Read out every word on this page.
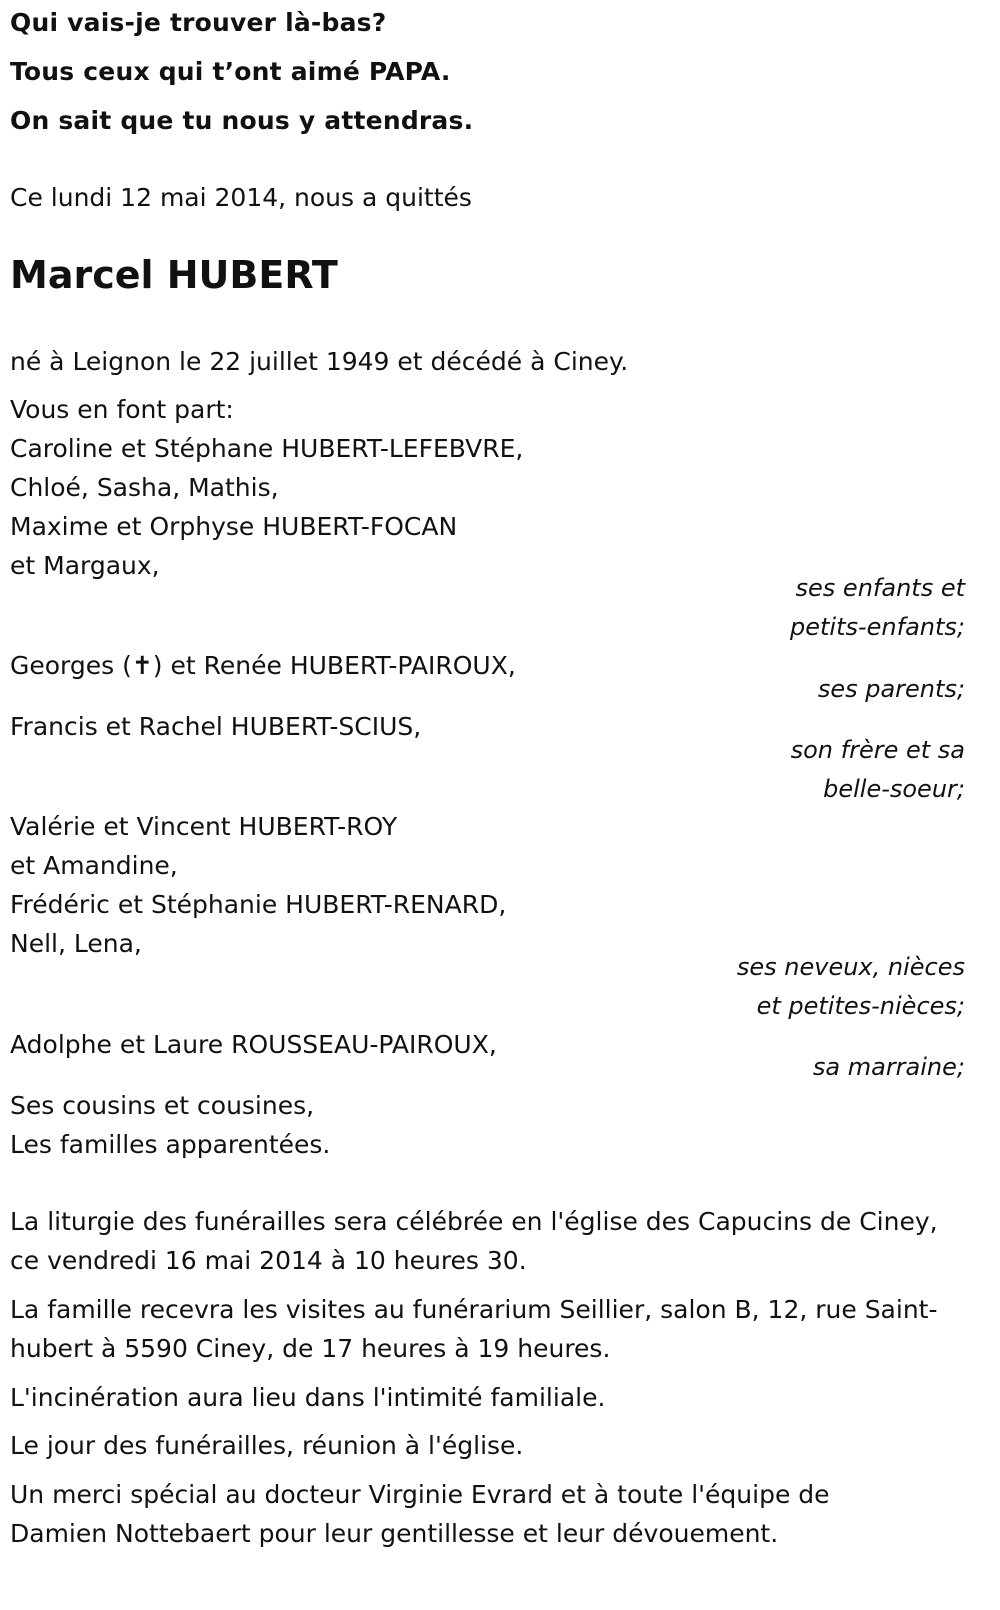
Qui vais-je trouver là-bas?
Tous ceux qui t’ont aimé PAPA.
On sait que tu nous y attendras.
Ce lundi 12 mai 2014, nous a quittés
Marcel HUBERT
né à Leignon le 22 juillet 1949 et décédé à Ciney.
Vous en font part:
Caroline et Stéphane HUBERT-LEFEBVRE,
Chloé, Sasha, Mathis,
Maxime et Orphyse HUBERT-FOCAN
et Margaux,
ses enfants et
petits-enfants;
Georges (✝) et Renée HUBERT-PAIROUX,
ses parents;
Francis et Rachel HUBERT-SCIUS,
son frère et sa
belle-soeur;
Valérie et Vincent HUBERT-ROY
et Amandine,
Frédéric et Stéphanie HUBERT-RENARD,
Nell, Lena,
ses neveux, nièces
et petites-nièces;
Adolphe et Laure ROUSSEAU-PAIROUX,
sa marraine;
Ses cousins et cousines,
Les familles apparentées.
La liturgie des funérailles sera célébrée en l'église des Capucins de Ciney,
ce vendredi 16 mai 2014 à 10 heures 30.
La famille recevra les visites au funérarium Seillier, salon B, 12, rue Saint-
hubert à 5590 Ciney, de 17 heures à 19 heures.
L'incinération aura lieu dans l'intimité familiale.
Le jour des funérailles, réunion à l'église.
Un merci spécial au docteur Virginie Evrard et à toute l'équipe de
Damien Nottebaert pour leur gentillesse et leur dévouement.
